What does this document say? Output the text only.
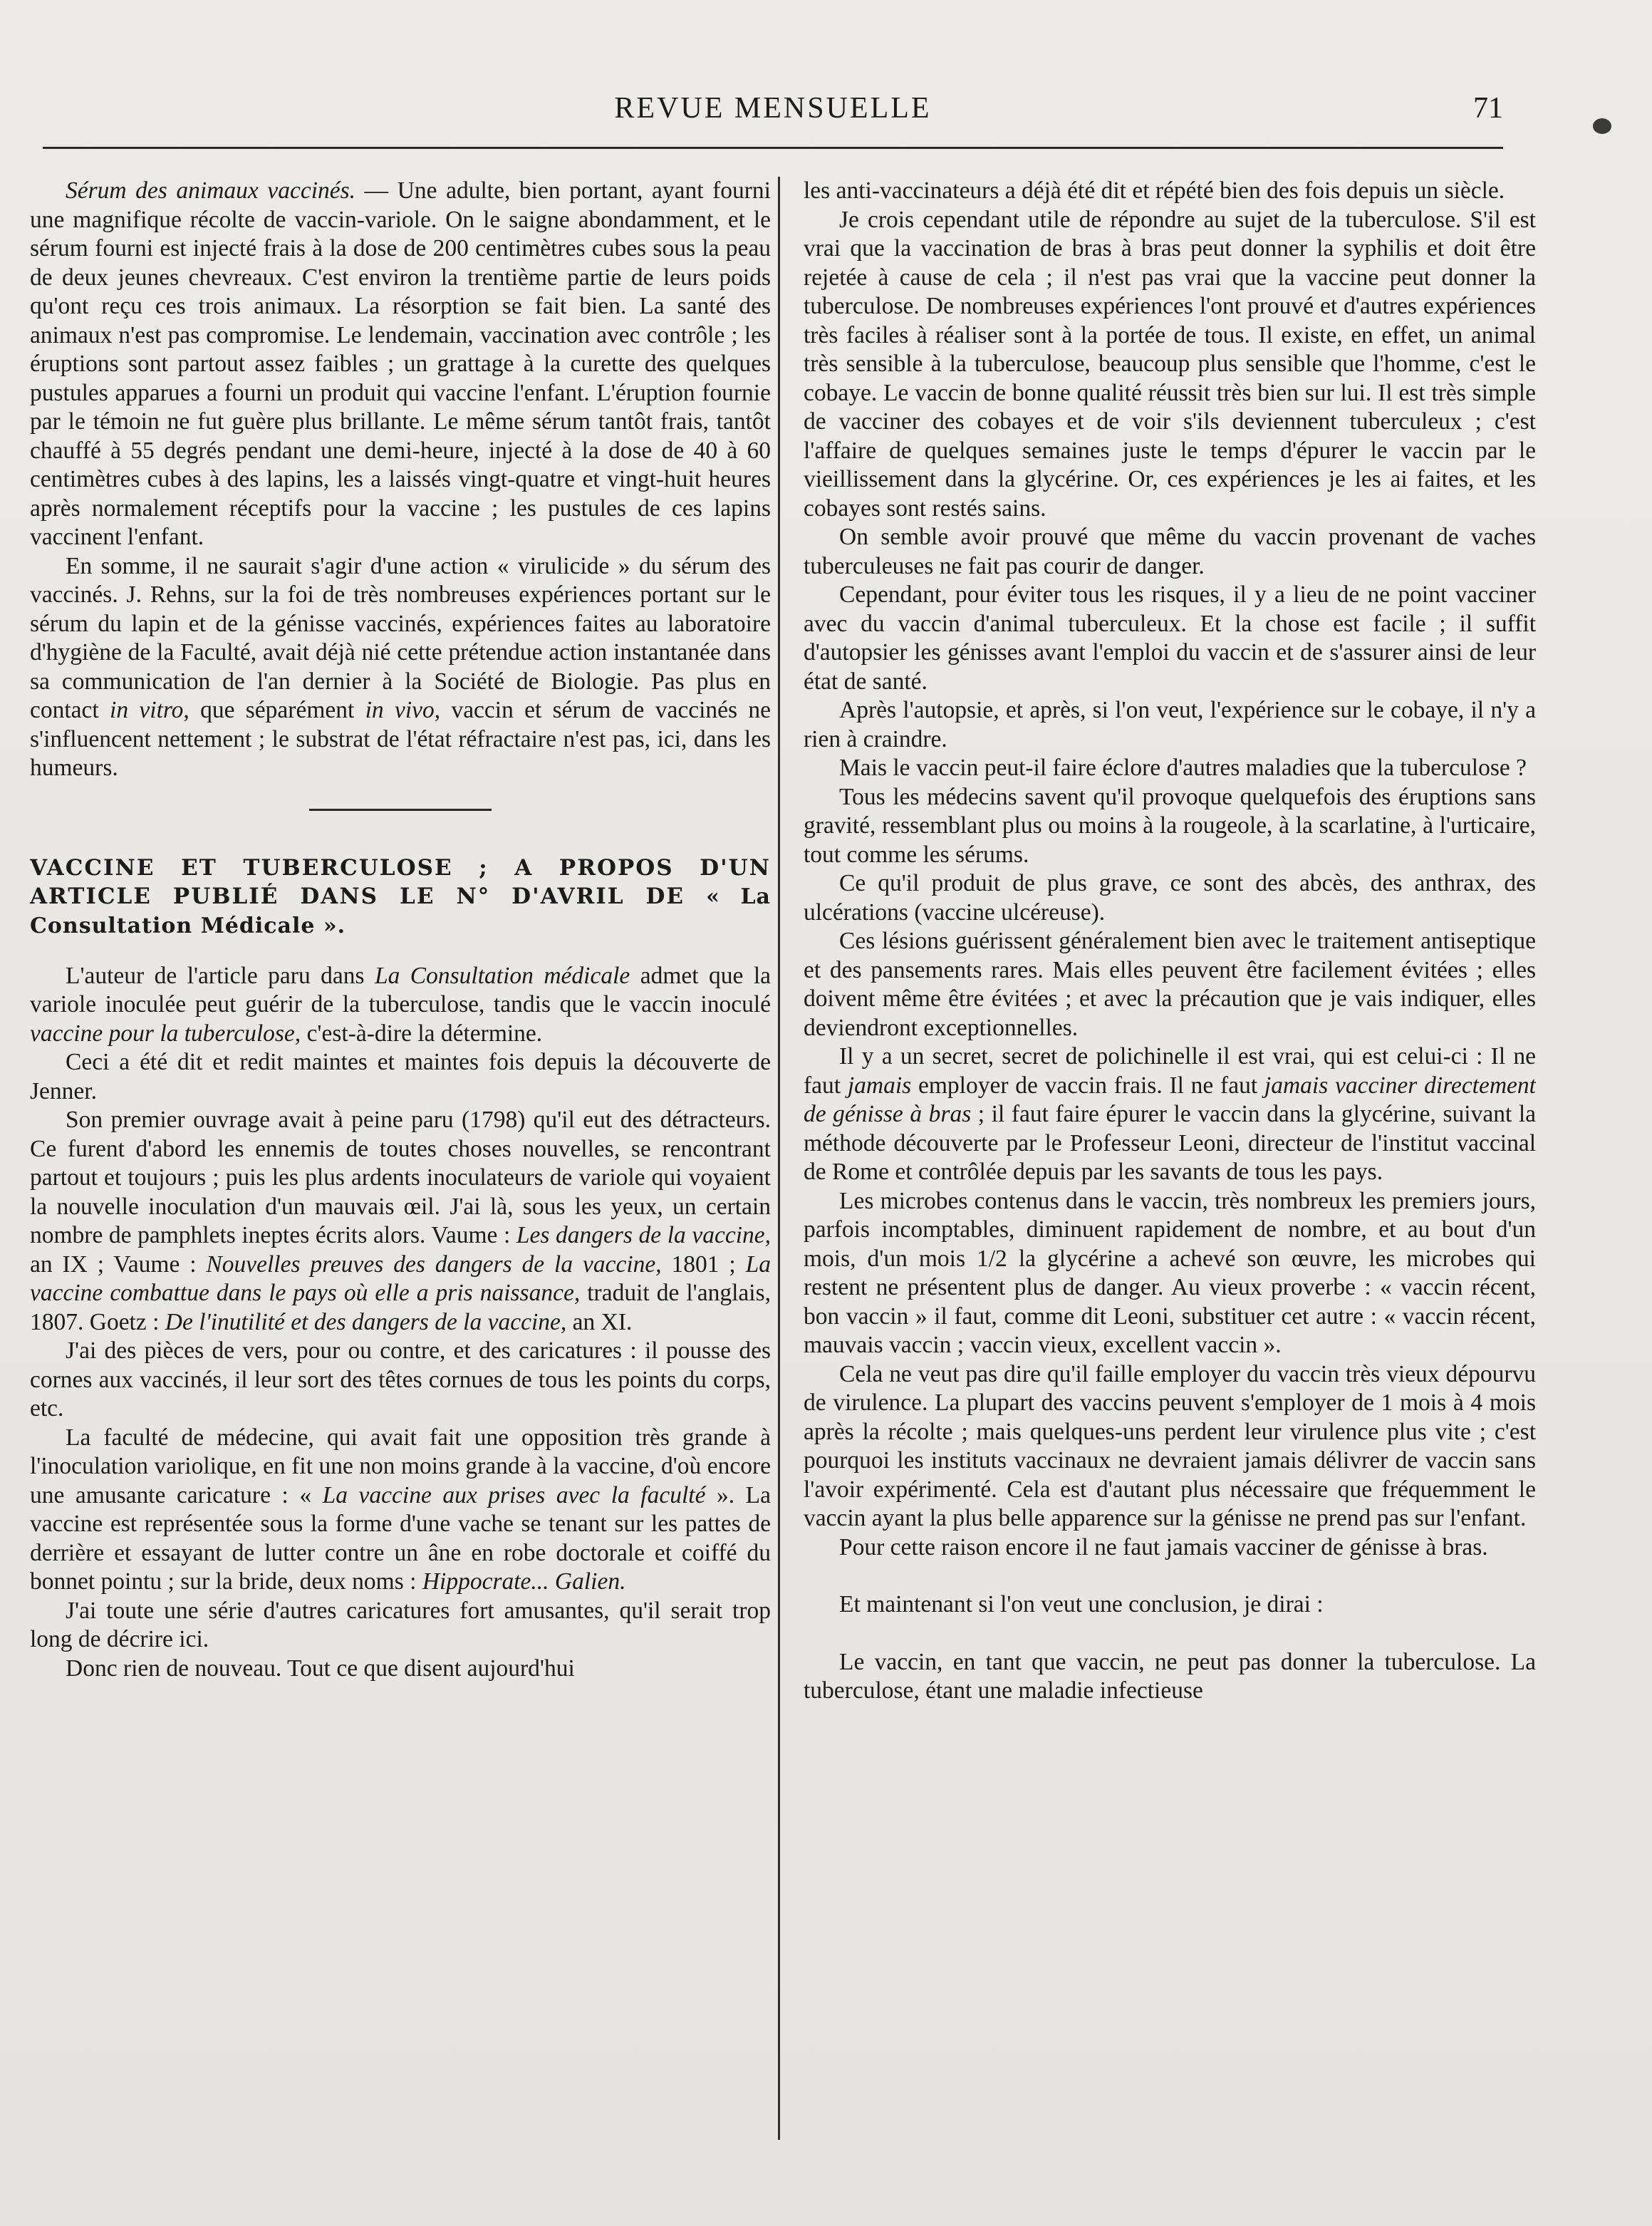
REVUE MENSUELLE	71

Sérum des animaux vaccinés. — Une adulte, bien portant, ayant fourni une magnifique récolte de vaccin-variole. On le saigne abondamment, et le sérum fourni est injecté frais à la dose de 200 centimètres cubes sous la peau de deux jeunes chevreaux. C'est environ la trentième partie de leurs poids qu'ont reçu ces trois animaux. La résorption se fait bien. La santé des animaux n'est pas compromise. Le lendemain, vaccination avec contrôle ; les éruptions sont partout assez faibles ; un grattage à la curette des quelques pustules apparues a fourni un produit qui vaccine l'enfant. L'éruption fournie par le témoin ne fut guère plus brillante. Le même sérum tantôt frais, tantôt chauffé à 55 degrés pendant une demi-heure, injecté à la dose de 40 à 60 centimètres cubes à des lapins, les a laissés vingt-quatre et vingt-huit heures après normalement réceptifs pour la vaccine ; les pustules de ces lapins vaccinent l'enfant.

En somme, il ne saurait s'agir d'une action « virulicide » du sérum des vaccinés. J. Rehns, sur la foi de très nombreuses expériences portant sur le sérum du lapin et de la génisse vaccinés, expériences faites au laboratoire d'hygiène de la Faculté, avait déjà nié cette prétendue action instantanée dans sa communication de l'an dernier à la Société de Biologie. Pas plus en contact in vitro, que séparément in vivo, vaccin et sérum de vaccinés ne s'influencent nettement ; le substrat de l'état réfractaire n'est pas, ici, dans les humeurs.

VACCINE ET TUBERCULOSE ; A PROPOS D'UN ARTICLE PUBLIÉ DANS LE N° D'AVRIL DE « La Consultation Médicale ».

L'auteur de l'article paru dans La Consultation médicale admet que la variole inoculée peut guérir de la tuberculose, tandis que le vaccin inoculé vaccine pour la tuberculose, c'est-à-dire la détermine.

Ceci a été dit et redit maintes et maintes fois depuis la découverte de Jenner.

Son premier ouvrage avait à peine paru (1798) qu'il eut des détracteurs. Ce furent d'abord les ennemis de toutes choses nouvelles, se rencontrant partout et toujours ; puis les plus ardents inoculateurs de variole qui voyaient la nouvelle inoculation d'un mauvais œil. J'ai là, sous les yeux, un certain nombre de pamphlets ineptes écrits alors. Vaume : Les dangers de la vaccine, an IX ; Vaume : Nouvelles preuves des dangers de la vaccine, 1801 ; La vaccine combattue dans le pays où elle a pris naissance, traduit de l'anglais, 1807. Goetz : De l'inutilité et des dangers de la vaccine, an XI.

J'ai des pièces de vers, pour ou contre, et des caricatures : il pousse des cornes aux vaccinés, il leur sort des têtes cornues de tous les points du corps, etc.

La faculté de médecine, qui avait fait une opposition très grande à l'inoculation variolique, en fit une non moins grande à la vaccine, d'où encore une amusante caricature : « La vaccine aux prises avec la faculté ». La vaccine est représentée sous la forme d'une vache se tenant sur les pattes de derrière et essayant de lutter contre un âne en robe doctorale et coiffé du bonnet pointu ; sur la bride, deux noms : Hippocrate... Galien.

J'ai toute une série d'autres caricatures fort amusantes, qu'il serait trop long de décrire ici.

Donc rien de nouveau. Tout ce que disent aujourd'hui

les anti-vaccinateurs a déjà été dit et répété bien des fois depuis un siècle.

Je crois cependant utile de répondre au sujet de la tuberculose. S'il est vrai que la vaccination de bras à bras peut donner la syphilis et doit être rejetée à cause de cela ; il n'est pas vrai que la vaccine peut donner la tuberculose. De nombreuses expériences l'ont prouvé et d'autres expériences très faciles à réaliser sont à la portée de tous. Il existe, en effet, un animal très sensible à la tuberculose, beaucoup plus sensible que l'homme, c'est le cobaye. Le vaccin de bonne qualité réussit très bien sur lui. Il est très simple de vacciner des cobayes et de voir s'ils deviennent tuberculeux ; c'est l'affaire de quelques semaines juste le temps d'épurer le vaccin par le vieillissement dans la glycérine. Or, ces expériences je les ai faites, et les cobayes sont restés sains.

On semble avoir prouvé que même du vaccin provenant de vaches tuberculeuses ne fait pas courir de danger.

Cependant, pour éviter tous les risques, il y a lieu de ne point vacciner avec du vaccin d'animal tuberculeux. Et la chose est facile ; il suffit d'autopsier les génisses avant l'emploi du vaccin et de s'assurer ainsi de leur état de santé.

Après l'autopsie, et après, si l'on veut, l'expérience sur le cobaye, il n'y a rien à craindre.

Mais le vaccin peut-il faire éclore d'autres maladies que la tuberculose ?

Tous les médecins savent qu'il provoque quelquefois des éruptions sans gravité, ressemblant plus ou moins à la rougeole, à la scarlatine, à l'urticaire, tout comme les sérums.

Ce qu'il produit de plus grave, ce sont des abcès, des anthrax, des ulcérations (vaccine ulcéreuse).

Ces lésions guérissent généralement bien avec le traitement antiseptique et des pansements rares. Mais elles peuvent être facilement évitées ; elles doivent même être évitées ; et avec la précaution que je vais indiquer, elles deviendront exceptionnelles.

Il y a un secret, secret de polichinelle il est vrai, qui est celui-ci : Il ne faut jamais employer de vaccin frais. Il ne faut jamais vacciner directement de génisse à bras ; il faut faire épurer le vaccin dans la glycérine, suivant la méthode découverte par le Professeur Leoni, directeur de l'institut vaccinal de Rome et contrôlée depuis par les savants de tous les pays.

Les microbes contenus dans le vaccin, très nombreux les premiers jours, parfois incomptables, diminuent rapidement de nombre, et au bout d'un mois, d'un mois 1/2 la glycérine a achevé son œuvre, les microbes qui restent ne présentent plus de danger. Au vieux proverbe : « vaccin récent, bon vaccin » il faut, comme dit Leoni, substituer cet autre : « vaccin récent, mauvais vaccin ; vaccin vieux, excellent vaccin ».

Cela ne veut pas dire qu'il faille employer du vaccin très vieux dépourvu de virulence. La plupart des vaccins peuvent s'employer de 1 mois à 4 mois après la récolte ; mais quelques-uns perdent leur virulence plus vite ; c'est pourquoi les instituts vaccinaux ne devraient jamais délivrer de vaccin sans l'avoir expérimenté. Cela est d'autant plus nécessaire que fréquemment le vaccin ayant la plus belle apparence sur la génisse ne prend pas sur l'enfant.

Pour cette raison encore il ne faut jamais vacciner de génisse à bras.

Et maintenant si l'on veut une conclusion, je dirai :

Le vaccin, en tant que vaccin, ne peut pas donner la tuberculose. La tuberculose, étant une maladie infectieuse
